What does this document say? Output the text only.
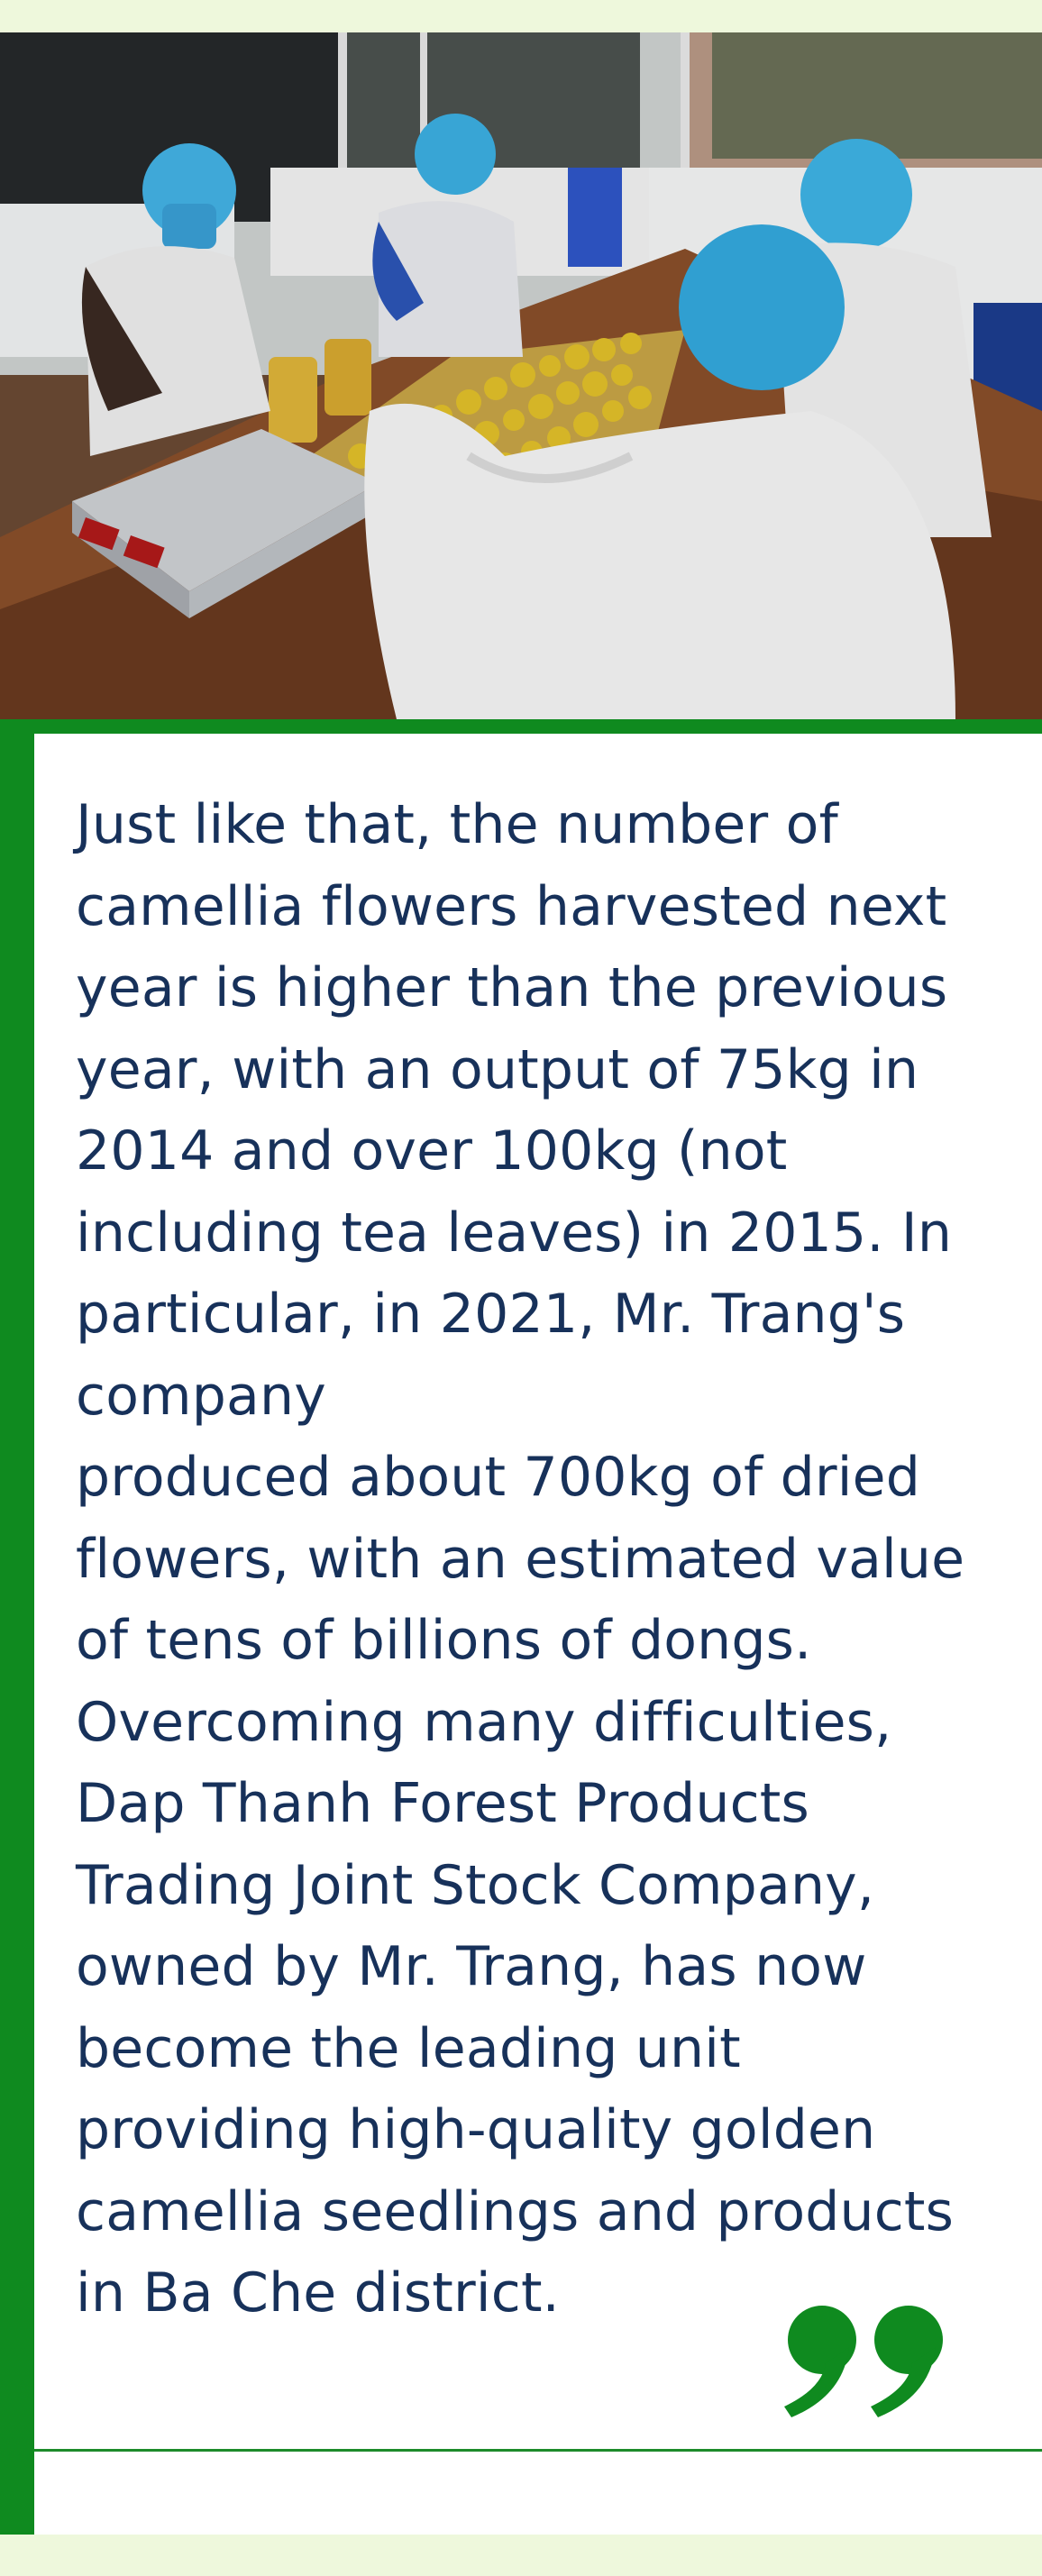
Just like that, the number of
camellia flowers harvested next
year is higher than the previous
year, with an output of 75kg in
2014 and over 100kg (not
including tea leaves) in 2015. In
particular, in 2021, Mr. Trang's
company
produced about 700kg of dried
flowers, with an estimated value
of tens of billions of dongs.
Overcoming many difficulties,
Dap Thanh Forest Products
Trading Joint Stock Company,
owned by Mr. Trang, has now
become the leading unit
providing high-quality golden
camellia seedlings and products
in Ba Che district.
